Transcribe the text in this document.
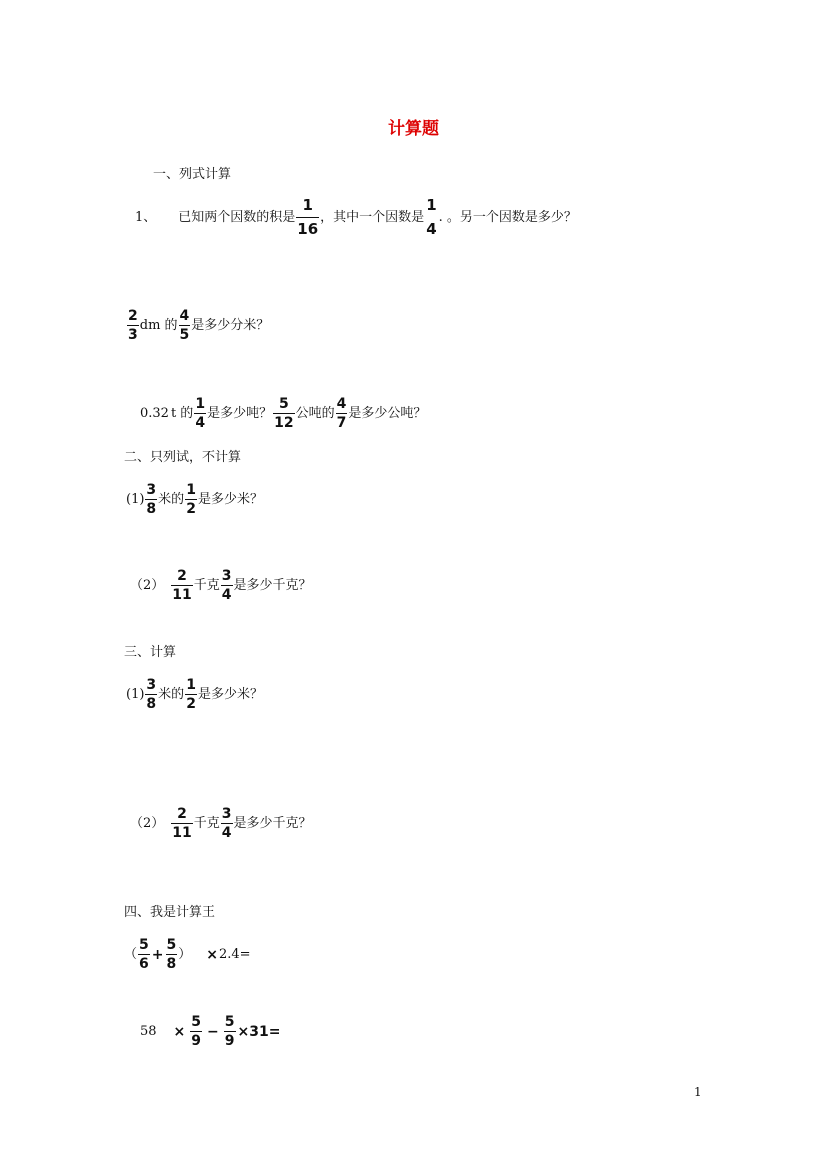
计算题
一、列式计算
1、 已知两个因数的积是 $\frac{1}{16}$ ，其中一个因数是
1
4
. 。另一个因数是多少？
$\frac{2}{3}$ dm 的 $\frac{4}{5}$ 是多少分米？
0.32 t 的 $\frac{1}{4}$ 是多少吨？ $\frac{5}{12}$ 公吨的 $\frac{4}{7}$ 是多少公吨？
二、只列试，不计算
$(1) \frac{3}{8}$ 米的 $\frac{1}{2}$ 是多少米？
$(2) \frac{2}{11}$ 千克 $\frac{3}{4}$ 是多少千克？
三、计算
$(1) \frac{3}{8}$ 米的 $\frac{1}{2}$ 是多少米？
$(2) \frac{2}{11}$ 千克 $\frac{3}{4}$ 是多少千克？
四、我是计算王
（ $\frac{5}{6} + \frac{5}{8}$ ） × 2.4=
$58 \times \frac{5}{9} - \frac{5}{9} \times 31=$
1
